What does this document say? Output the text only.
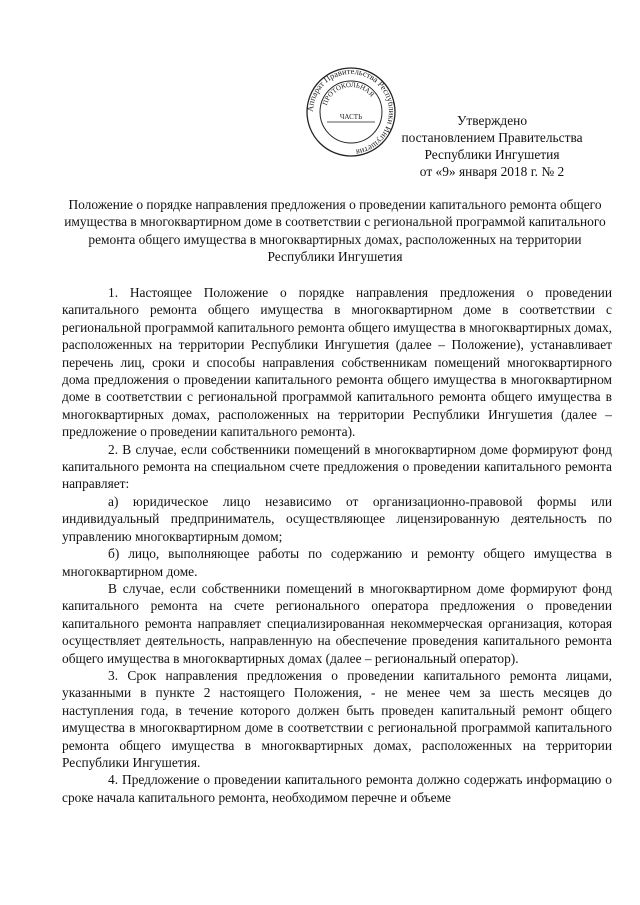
Аппарат Правительства Республики Ингушетия
ПРОТОКОЛЬНАЯ
ЧАСТЬ	Утверждено
постановлением Правительства
Республики Ингушетия
от «9» января 2018 г. № 2
Положение о порядке направления предложения о проведении капитального ремонта общего имущества в многоквартирном доме в соответствии с региональной программой капитального ремонта общего имущества в многоквартирных домах, расположенных на территории Республики Ингушетия

1. Настоящее Положение о порядке направления предложения о проведении капитального ремонта общего имущества в многоквартирном доме в соответствии с региональной программой капитального ремонта общего имущества в многоквартирных домах, расположенных на территории Республики Ингушетия (далее – Положение), устанавливает перечень лиц, сроки и способы направления собственникам помещений многоквартирного дома предложения о проведении капитального ремонта общего имущества в многоквартирном доме в соответствии с региональной программой капитального ремонта общего имущества в многоквартирных домах, расположенных на территории Республики Ингушетия (далее – предложение о проведении капитального ремонта).

2. В случае, если собственники помещений в многоквартирном доме формируют фонд капитального ремонта на специальном счете предложения о проведении капитального ремонта направляет:

а) юридическое лицо независимо от организационно-правовой формы или индивидуальный предприниматель, осуществляющее лицензированную деятельность по управлению многоквартирным домом;

б) лицо, выполняющее работы по содержанию и ремонту общего имущества в многоквартирном доме.

В случае, если собственники помещений в многоквартирном доме формируют фонд капитального ремонта на счете регионального оператора предложения о проведении капитального ремонта направляет специализированная некоммерческая организация, которая осуществляет деятельность, направленную на обеспечение проведения капитального ремонта общего имущества в многоквартирных домах (далее – региональный оператор).

3. Срок направления предложения о проведении капитального ремонта лицами, указанными в пункте 2 настоящего Положения, - не менее чем за шесть месяцев до наступления года, в течение которого должен быть проведен капитальный ремонт общего имущества в многоквартирном доме в соответствии с региональной программой капитального ремонта общего имущества в многоквартирных домах, расположенных на территории Республики Ингушетия.

4. Предложение о проведении капитального ремонта должно содержать информацию о сроке начала капитального ремонта, необходимом перечне и объеме
